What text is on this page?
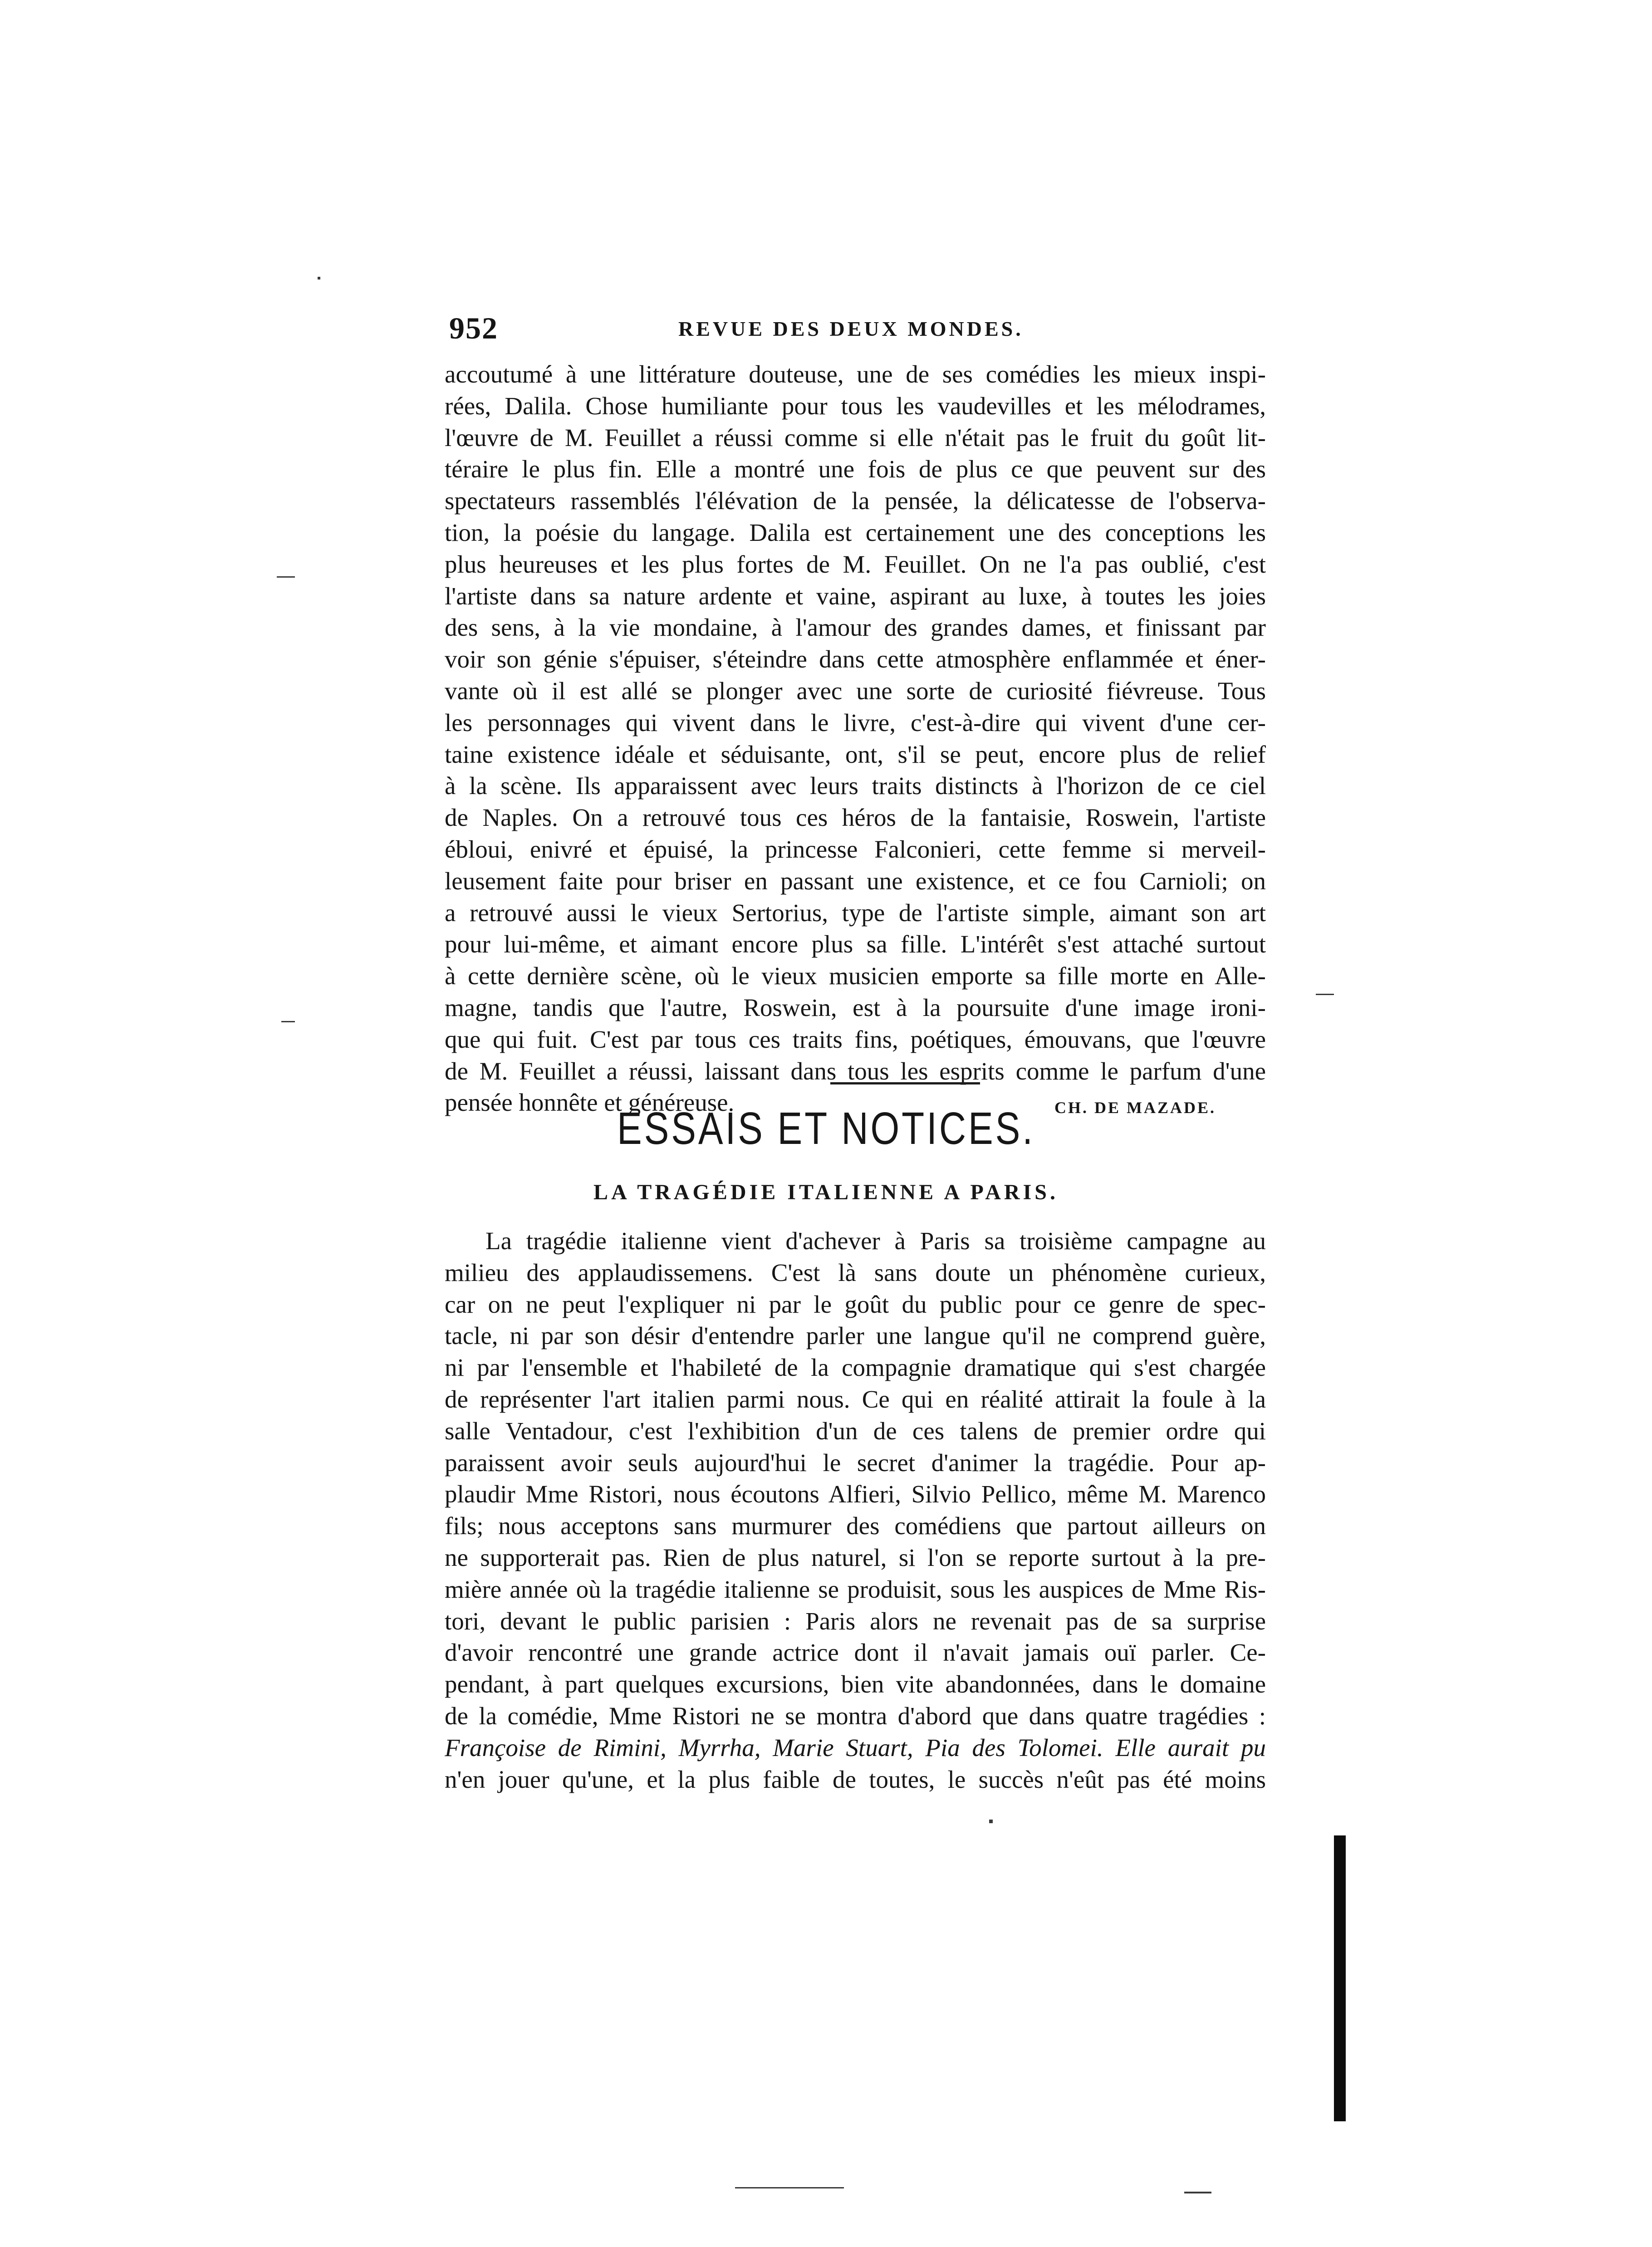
952	REVUE DES DEUX MONDES.
accoutumé à une littérature douteuse, une de ses comédies les mieux inspi-
rées, Dalila. Chose humiliante pour tous les vaudevilles et les mélodrames,
l'œuvre de M. Feuillet a réussi comme si elle n'était pas le fruit du goût lit-
téraire le plus fin. Elle a montré une fois de plus ce que peuvent sur des
spectateurs rassemblés l'élévation de la pensée, la délicatesse de l'observa-
tion, la poésie du langage. Dalila est certainement une des conceptions les
plus heureuses et les plus fortes de M. Feuillet. On ne l'a pas oublié, c'est
l'artiste dans sa nature ardente et vaine, aspirant au luxe, à toutes les joies
des sens, à la vie mondaine, à l'amour des grandes dames, et finissant par
voir son génie s'épuiser, s'éteindre dans cette atmosphère enflammée et éner-
vante où il est allé se plonger avec une sorte de curiosité fiévreuse. Tous
les personnages qui vivent dans le livre, c'est-à-dire qui vivent d'une cer-
taine existence idéale et séduisante, ont, s'il se peut, encore plus de relief
à la scène. Ils apparaissent avec leurs traits distincts à l'horizon de ce ciel
de Naples. On a retrouvé tous ces héros de la fantaisie, Roswein, l'artiste
ébloui, enivré et épuisé, la princesse Falconieri, cette femme si merveil-
leusement faite pour briser en passant une existence, et ce fou Carnioli; on
a retrouvé aussi le vieux Sertorius, type de l'artiste simple, aimant son art
pour lui-même, et aimant encore plus sa fille. L'intérêt s'est attaché surtout
à cette dernière scène, où le vieux musicien emporte sa fille morte en Alle-
magne, tandis que l'autre, Roswein, est à la poursuite d'une image ironi-
que qui fuit. C'est par tous ces traits fins, poétiques, émouvans, que l'œuvre
de M. Feuillet a réussi, laissant dans tous les esprits comme le parfum d'une
pensée honnête et généreuse.	CH. DE MAZADE.
ESSAIS ET NOTICES.
LA TRAGÉDIE ITALIENNE A PARIS.
La tragédie italienne vient d'achever à Paris sa troisième campagne au
milieu des applaudissemens. C'est là sans doute un phénomène curieux,
car on ne peut l'expliquer ni par le goût du public pour ce genre de spec-
tacle, ni par son désir d'entendre parler une langue qu'il ne comprend guère,
ni par l'ensemble et l'habileté de la compagnie dramatique qui s'est chargée
de représenter l'art italien parmi nous. Ce qui en réalité attirait la foule à la
salle Ventadour, c'est l'exhibition d'un de ces talens de premier ordre qui
paraissent avoir seuls aujourd'hui le secret d'animer la tragédie. Pour ap-
plaudir Mme Ristori, nous écoutons Alfieri, Silvio Pellico, même M. Marenco
fils; nous acceptons sans murmurer des comédiens que partout ailleurs on
ne supporterait pas. Rien de plus naturel, si l'on se reporte surtout à la pre-
mière année où la tragédie italienne se produisit, sous les auspices de Mme Ris-
tori, devant le public parisien : Paris alors ne revenait pas de sa surprise
d'avoir rencontré une grande actrice dont il n'avait jamais ouï parler. Ce-
pendant, à part quelques excursions, bien vite abandonnées, dans le domaine
de la comédie, Mme Ristori ne se montra d'abord que dans quatre tragédies :
Françoise de Rimini, Myrrha, Marie Stuart, Pia des Tolomei. Elle aurait pu
n'en jouer qu'une, et la plus faible de toutes, le succès n'eût pas été moins
